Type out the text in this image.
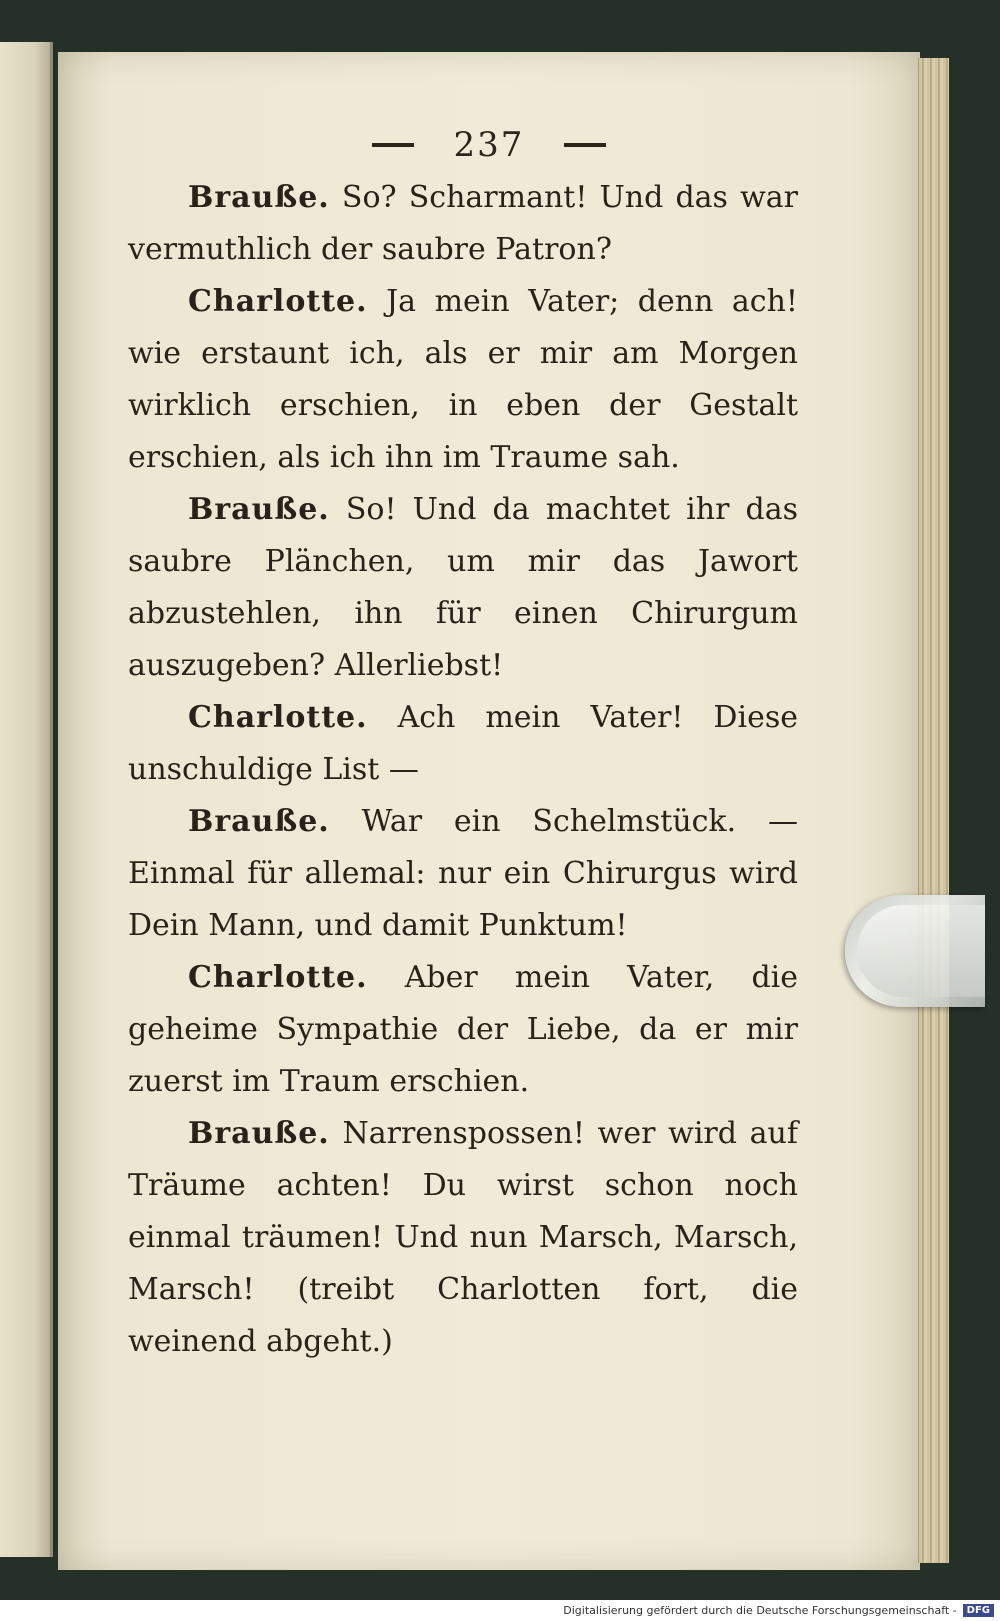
237

Braußе. So? Scharmant! Und das war vermuthlich der saubre Patron?

Charlotte. Ja mein Vater; denn ach! wie erstaunt ich, als er mir am Morgen wirklich erschien, in eben der Gestalt erschien, als ich ihn im Traume sah.

Braußе. So! Und da machtet ihr das saubre Plänchen, um mir das Jawort abzustehlen, ihn für einen Chirurgum auszugeben? Allerliebst!

Charlotte. Ach mein Vater! Diese unschuldige List —

Braußе. War ein Schelmstück. — Einmal für allemal: nur ein Chirurgus wird Dein Mann, und damit Punktum!

Charlotte. Aber mein Vater, die geheime Sympathie der Liebe, da er mir zuerst im Traum erschien.

Braußе. Narrenspossen! wer wird auf Träume achten! Du wirst schon noch einmal träumen! Und nun Marsch, Marsch, Marsch! (treibt Charlotten fort, die weinend abgeht.)

Digitalisierung gefördert durch die Deutsche Forschungsgemeinschaft -	DFG
